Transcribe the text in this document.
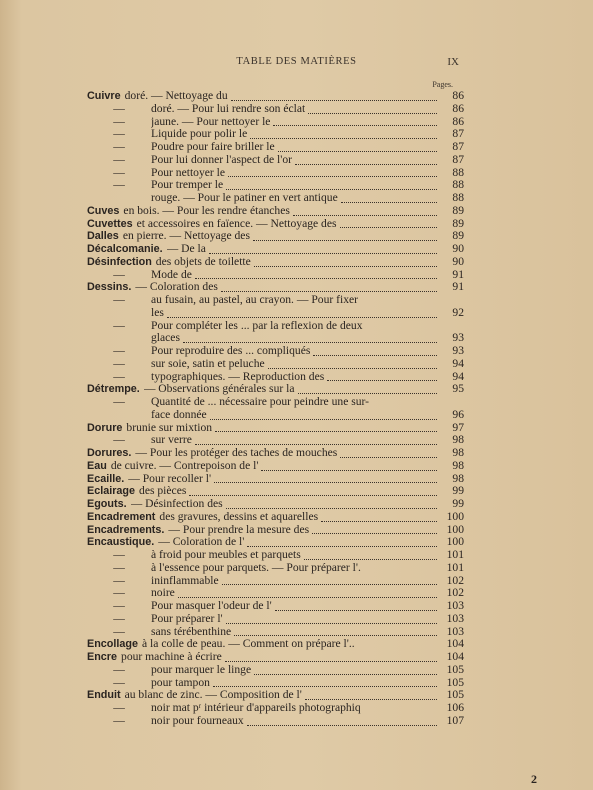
TABLE DES MATIÈRES	IX
Pages.
Cuivre doré. — Nettoyage du	86
—	doré. — Pour lui rendre son éclat	86
—	jaune. — Pour nettoyer le	86
—	Liquide pour polir le	87
—	Poudre pour faire briller le	87
—	Pour lui donner l'aspect de l'or	87
—	Pour nettoyer le	88
—	Pour tremper le	88
rouge. — Pour le patiner en vert antique	88
Cuves en bois. — Pour les rendre étanches	89
Cuvettes et accessoires en faïence. — Nettoyage des	89
Dalles en pierre. — Nettoyage des	89
Décalcomanie. — De la	90
Désinfection des objets de toilette	90
—	Mode de	91
Dessins. — Coloration des	91
—	au fusain, au pastel, au crayon. — Pour fixer
les	92
—	Pour compléter les ... par la reflexion de deux
glaces	93
—	Pour reproduire des ... compliqués	93
—	sur soie, satin et peluche	94
—	typographiques. — Reproduction des	94
Détrempe. — Observations générales sur la	95
—	Quantité de ... nécessaire pour peindre une sur-
face donnée	96
Dorure brunie sur mixtion	97
—	sur verre	98
Dorures. — Pour les protéger des taches de mouches	98
Eau de cuivre. — Contrepoison de l'	98
Ecaille. — Pour recoller l'	98
Eclairage des pièces	99
Egouts. — Désinfection des	99
Encadrement des gravures, dessins et aquarelles	100
Encadrements. — Pour prendre la mesure des	100
Encaustique. — Coloration de l'	100
—	à froid pour meubles et parquets	101
—	à l'essence pour parquets. — Pour préparer l'.	101
—	ininflammable	102
—	noire	102
—	Pour masquer l'odeur de l'	103
—	Pour préparer l'	103
—	sans térébenthine	103
Encollage à la colle de peau. — Comment on prépare l'..	104
Encre pour machine à écrire	104
—	pour marquer le linge	105
—	pour tampon	105
Enduit au blanc de zinc. — Composition de l'	105
—	noir mat pʳ intérieur d'appareils photographiq	106
—	noir pour fourneaux	107
2
